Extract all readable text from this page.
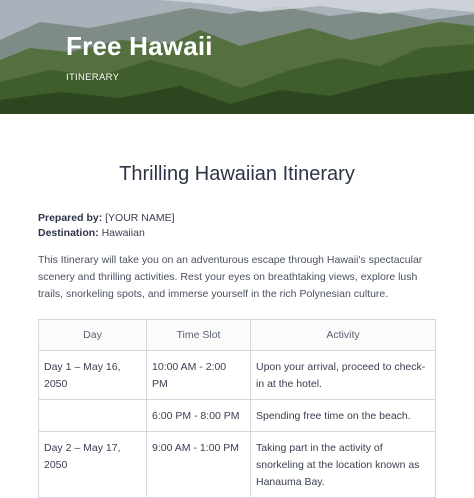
Free Hawaii
ITINERARY
Thrilling Hawaiian Itinerary
Prepared by: [YOUR NAME]
Destination: Hawaiian
This Itinerary will take you on an adventurous escape through Hawaii's spectacular scenery and thrilling activities. Rest your eyes on breathtaking views, explore lush trails, snorkeling spots, and immerse yourself in the rich Polynesian culture.
Day	Time Slot	Activity
Day 1 – May 16, 2050	10:00 AM - 2:00 PM	Upon your arrival, proceed to check-in at the hotel.
	6:00 PM - 8:00 PM	Spending free time on the beach.
Day 2 – May 17, 2050	9:00 AM - 1:00 PM	Taking part in the activity of snorkeling at the location known as Hanauma Bay.
